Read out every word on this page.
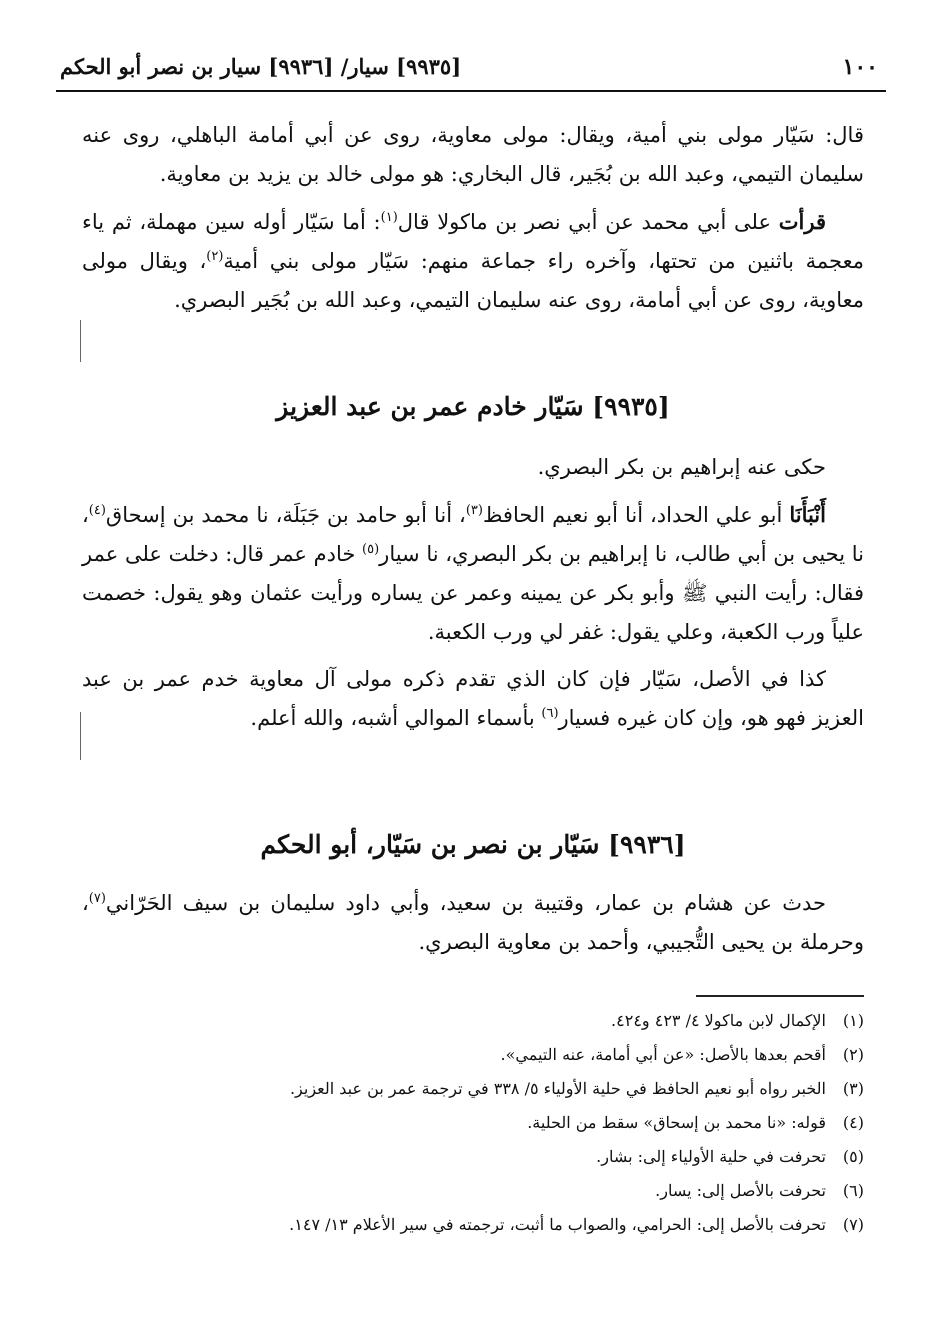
١٠٠
[٩٩٣٥] سيار/ [٩٩٣٦] سيار بن نصر أبو الحكم

قال: سَيّار مولى بني أمية، ويقال: مولى معاوية، روى عن أبي أمامة الباهلي، روى عنه سليمان التيمي، وعبد الله بن بُجَير، قال البخاري: هو مولى خالد بن يزيد بن معاوية.

قرأت على أبي محمد عن أبي نصر بن ماكولا قال$^{(١)}$: أما سَيّار أوله سين مهملة، ثم ياء معجمة باثنين من تحتها، وآخره راء جماعة منهم: سَيّار مولى بني أمية$^{(٢)}$، ويقال مولى معاوية، روى عن أبي أمامة، روى عنه سليمان التيمي، وعبد الله بن بُجَير البصري.

[٩٩٣٥] سَيّار خادم عمر بن عبد العزيز

حكى عنه إبراهيم بن بكر البصري.

أَنْبَأَنَا أبو علي الحداد، أنا أبو نعيم الحافظ$^{(٣)}$، أنا أبو حامد بن جَبَلَة، نا محمد بن إسحاق$^{(٤)}$، نا يحيى بن أبي طالب، نا إبراهيم بن بكر البصري، نا سيار$^{(٥)}$ خادم عمر قال: دخلت على عمر فقال: رأيت النبي ﷺ وأبو بكر عن يمينه وعمر عن يساره ورأيت عثمان وهو يقول: خصمت علياً ورب الكعبة، وعلي يقول: غفر لي ورب الكعبة.

كذا في الأصل، سَيّار فإن كان الذي تقدم ذكره مولى آل معاوية خدم عمر بن عبد العزيز فهو هو، وإن كان غيره فسيار$^{(٦)}$ بأسماء الموالي أشبه، والله أعلم.

[٩٩٣٦] سَيّار بن نصر بن سَيّار، أبو الحكم

حدث عن هشام بن عمار، وقتيبة بن سعيد، وأبي داود سليمان بن سيف الحَرّاني$^{(٧)}$، وحرملة بن يحيى التُّجيبي، وأحمد بن معاوية البصري.

(١)
الإكمال لابن ماكولا ٤/ ٤٢٣ و٤٢٤.
(٢)
أقحم بعدها بالأصل: «عن أبي أمامة، عنه التيمي».
(٣)
الخبر رواه أبو نعيم الحافظ في حلية الأولياء ٥/ ٣٣٨ في ترجمة عمر بن عبد العزيز.
(٤)
قوله: «نا محمد بن إسحاق» سقط من الحلية.
(٥)
تحرفت في حلية الأولياء إلى: بشار.
(٦)
تحرفت بالأصل إلى: يسار.
(٧)
تحرفت بالأصل إلى: الحرامي، والصواب ما أثبت، ترجمته في سير الأعلام ١٣/ ١٤٧.
